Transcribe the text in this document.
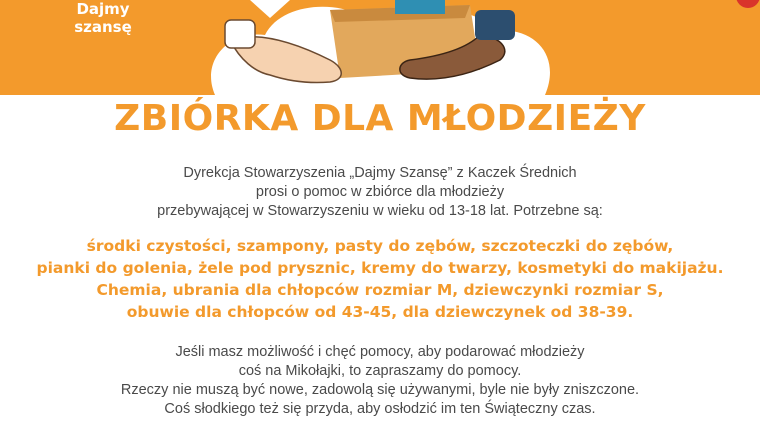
Dajmy
szansę
ZBIÓRKA DLA MŁODZIEŻY
Dyrekcja Stowarzyszenia „Dajmy Szansę” z Kaczek Średnich
prosi o pomoc w zbiórce dla młodzieży
przebywającej w Stowarzyszeniu w wieku od 13-18 lat. Potrzebne są:
środki czystości, szampony, pasty do zębów, szczoteczki do zębów,
pianki do golenia, żele pod prysznic, kremy do twarzy, kosmetyki do makijażu.
Chemia, ubrania dla chłopców rozmiar M, dziewczynki rozmiar S,
obuwie dla chłopców od 43-45, dla dziewczynek od 38-39.
Jeśli masz możliwość i chęć pomocy, aby podarować młodzieży
coś na Mikołajki, to zapraszamy do pomocy.
Rzeczy nie muszą być nowe, zadowolą się używanymi, byle nie były zniszczone.
Coś słodkiego też się przyda, aby osłodzić im ten Świąteczny czas.
